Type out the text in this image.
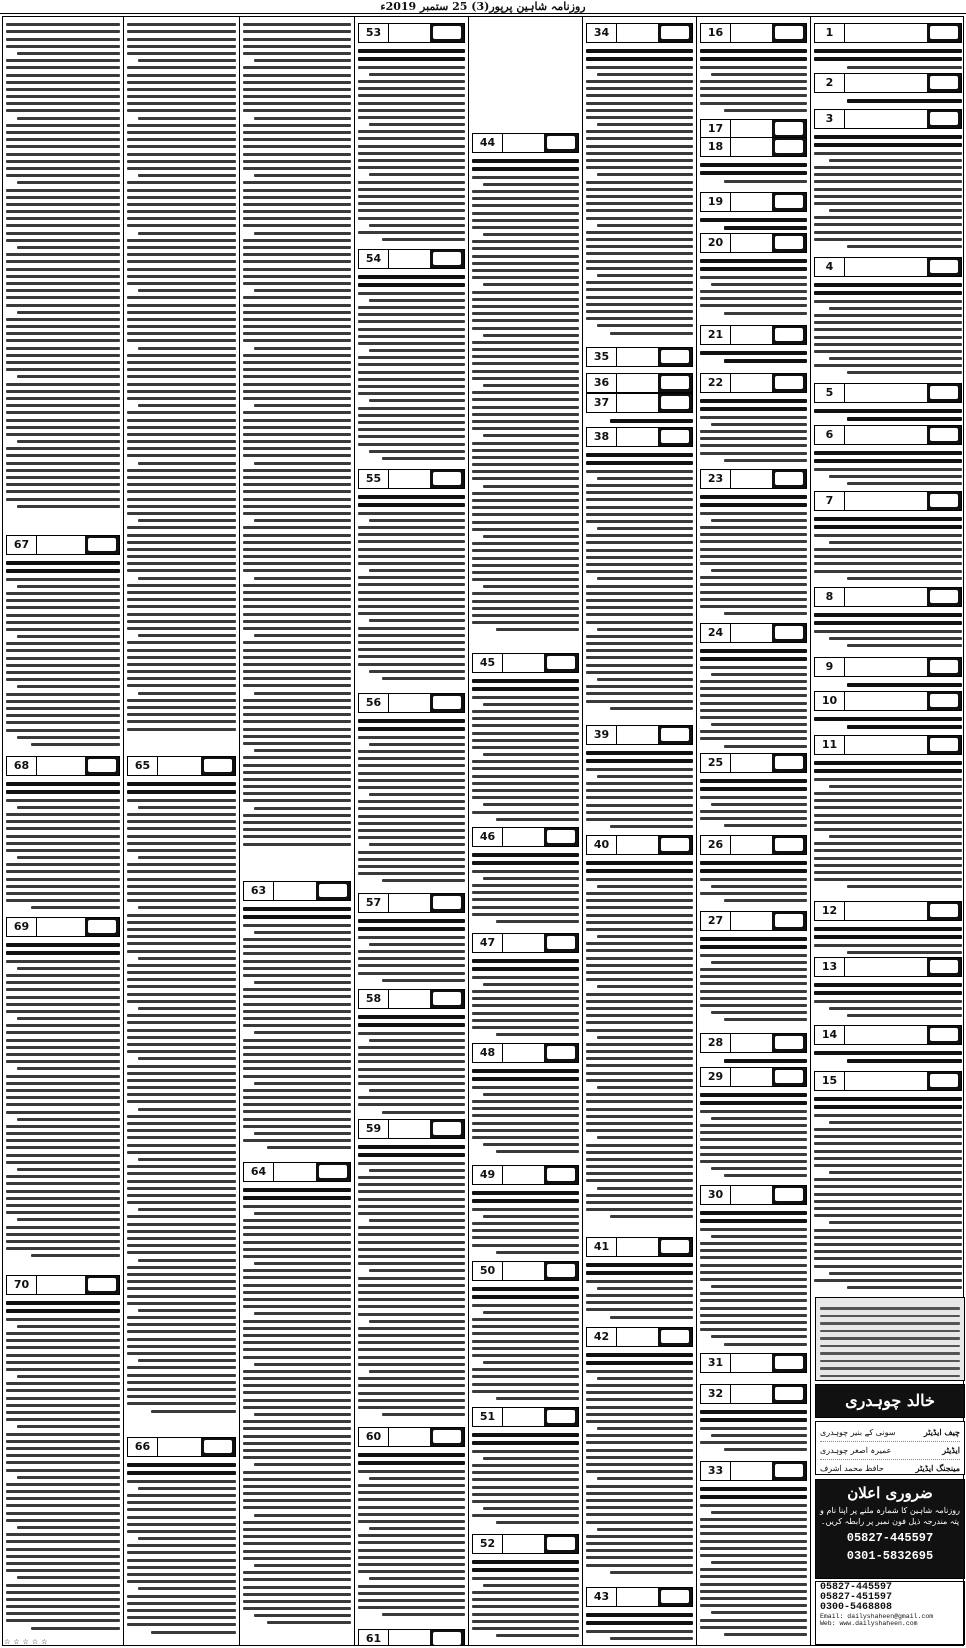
روزنامہ شاہین پرپور(3) 25 ستمبر 2019ء
67
68
69
70
65
66
63
64
53
54
55
56
57
58
59
60
61
44
45
46
47
48
49
50
51
52
34
35
36
37
38
39
40
41
42
43
16
17
18
19
20
21
22
23
24
25
26
27
28
29
30
31
32
33
1
2
3
4
5
6
7
8
9
10
11
12
13
14
15
خالد چوہدری
چیف ایڈیٹر
سونی کے بنیر چوہدری
ایڈیٹر
عمیرہ اصغر چوہدری
مینجنگ ایڈیٹر
حافظ محمد اشرف
ضروری اعلان
روزنامہ شاہین کا شمارہ ملنے پر اپنا نام و پتہ مندرجہ ذیل فون نمبر پر رابطہ کریں۔
05827-445597
0301-5832695
05827-445597
05827-451597
0300-5468808
Email: dailyshaheen@gmail.com
Web: www.dailyshaheen.com
☆☆☆☆☆
